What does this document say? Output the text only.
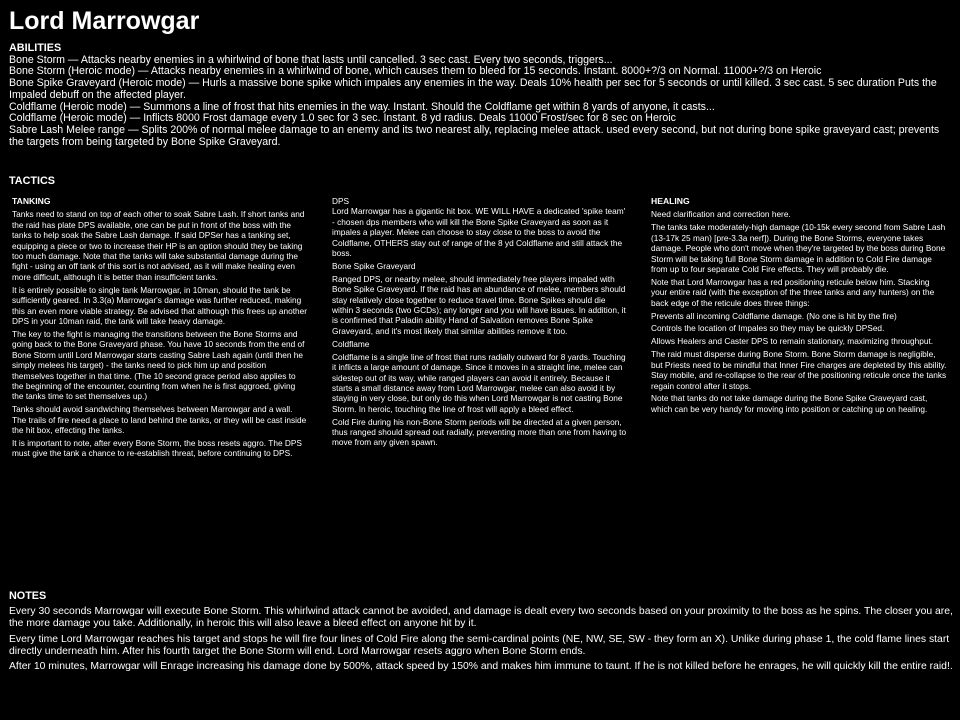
Lord Marrowgar
ABILITIES

Bone Storm — Attacks nearby enemies in a whirlwind of bone that lasts until cancelled. 3 sec cast. Every two seconds, triggers...

Bone Storm (Heroic mode) — Attacks nearby enemies in a whirlwind of bone, which causes them to bleed for 15 seconds. Instant. 8000+?/3 on Normal. 11000+?/3 on Heroic

Bone Spike Graveyard (Heroic mode) — Hurls a massive bone spike which impales any enemies in the way. Deals 10% health per sec for 5 seconds or until killed. 3 sec cast. 5 sec duration Puts the Impaled debuff on the affected player.

Coldflame (Heroic mode) — Summons a line of frost that hits enemies in the way. Instant. Should the Coldflame get within 8 yards of anyone, it casts...

Coldflame (Heroic mode) — Inflicts 8000 Frost damage every 1.0 sec for 3 sec. Instant. 8 yd radius. Deals 11000 Frost/sec for 8 sec on Heroic

Sabre Lash Melee range — Splits 200% of normal melee damage to an enemy and its two nearest ally, replacing melee attack. used every second, but not during bone spike graveyard cast; prevents the targets from being targeted by Bone Spike Graveyard.

TACTICS

TANKING

Tanks need to stand on top of each other to soak Sabre Lash. If short tanks and the raid has plate DPS available, one can be put in front of the boss with the tanks to help soak the Sabre Lash damage. If said DPSer has a tanking set, equipping a piece or two to increase their HP is an option should they be taking too much damage. Note that the tanks will take substantial damage during the fight - using an off tank of this sort is not advised, as it will make healing even more difficult, although it is better than insufficient tanks.

It is entirely possible to single tank Marrowgar, in 10man, should the tank be sufficiently geared. In 3.3(a) Marrowgar's damage was further reduced, making this an even more viable strategy. Be advised that although this frees up another DPS in your 10man raid, the tank will take heavy damage.

The key to the fight is managing the transitions between the Bone Storms and going back to the Bone Graveyard phase. You have 10 seconds from the end of Bone Storm until Lord Marrowgar starts casting Sabre Lash again (until then he simply melees his target) - the tanks need to pick him up and position themselves together in that time. (The 10 second grace period also applies to the beginning of the encounter, counting from when he is first aggroed, giving the tanks time to set themselves up.)

Tanks should avoid sandwiching themselves between Marrowgar and a wall. The trails of fire need a place to land behind the tanks, or they will be cast inside the hit box, effecting the tanks.

It is important to note, after every Bone Storm, the boss resets aggro. The DPS must give the tank a chance to re-establish threat, before continuing to DPS.

DPS

Lord Marrowgar has a gigantic hit box. WE WILL HAVE a dedicated 'spike team' - chosen dps members who will kill the Bone Spike Graveyard as soon as it impales a player. Melee can choose to stay close to the boss to avoid the Coldflame, OTHERS stay out of range of the 8 yd Coldflame and still attack the boss.

Bone Spike Graveyard

Ranged DPS, or nearby melee, should immediately free players impaled with Bone Spike Graveyard. If the raid has an abundance of melee, members should stay relatively close together to reduce travel time. Bone Spikes should die within 3 seconds (two GCDs); any longer and you will have issues. In addition, it is confirmed that Paladin ability Hand of Salvation removes Bone Spike Graveyard, and it's most likely that similar abilities remove it too.

Coldflame

Coldflame is a single line of frost that runs radially outward for 8 yards. Touching it inflicts a large amount of damage. Since it moves in a straight line, melee can sidestep out of its way, while ranged players can avoid it entirely. Because it starts a small distance away from Lord Marrowgar, melee can also avoid it by staying in very close, but only do this when Lord Marrowgar is not casting Bone Storm. In heroic, touching the line of frost will apply a bleed effect.

Cold Fire during his non-Bone Storm periods will be directed at a given person, thus ranged should spread out radially, preventing more than one from having to move from any given spawn.

HEALING

Need clarification and correction here.

The tanks take moderately-high damage (10-15k every second from Sabre Lash (13-17k 25 man) [pre-3.3a nerf]). During the Bone Storms, everyone takes damage. People who don't move when they're targeted by the boss during Bone Storm will be taking full Bone Storm damage in addition to Cold Fire damage from up to four separate Cold Fire effects. They will probably die.

Note that Lord Marrowgar has a red positioning reticule below him. Stacking your entire raid (with the exception of the three tanks and any hunters) on the back edge of the reticule does three things:

Prevents all incoming Coldflame damage. (No one is hit by the fire)

Controls the location of Impales so they may be quickly DPSed.

Allows Healers and Caster DPS to remain stationary, maximizing throughput.

The raid must disperse during Bone Storm. Bone Storm damage is negligible, but Priests need to be mindful that Inner Fire charges are depleted by this ability. Stay mobile, and re-collapse to the rear of the positioning reticule once the tanks regain control after it stops.

Note that tanks do not take damage during the Bone Spike Graveyard cast, which can be very handy for moving into position or catching up on healing.

NOTES

Every 30 seconds Marrowgar will execute Bone Storm. This whirlwind attack cannot be avoided, and damage is dealt every two seconds based on your proximity to the boss as he spins. The closer you are, the more damage you take. Additionally, in heroic this will also leave a bleed effect on anyone hit by it.

Every time Lord Marrowgar reaches his target and stops he will fire four lines of Cold Fire along the semi-cardinal points (NE, NW, SE, SW - they form an X). Unlike during phase 1, the cold flame lines start directly underneath him. After his fourth target the Bone Storm will end. Lord Marrowgar resets aggro when Bone Storm ends.

After 10 minutes, Marrowgar will Enrage increasing his damage done by 500%, attack speed by 150% and makes him immune to taunt. If he is not killed before he enrages, he will quickly kill the entire raid!.
